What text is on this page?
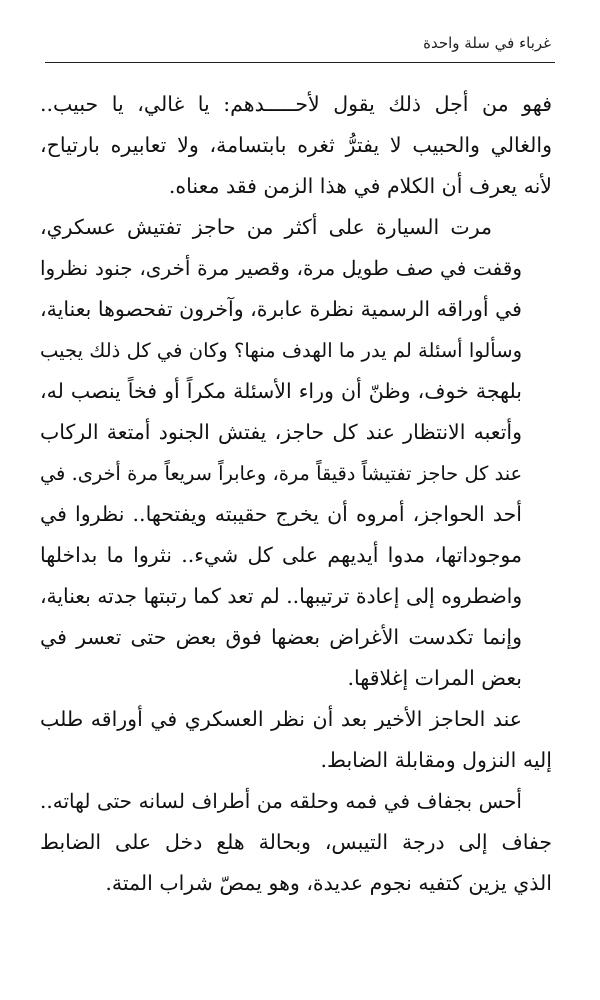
غرباء في سلة واحدة

فهو من أجل ذلك يقول لأحـــــدهم: يا غالي، يا حبيب..
والغالي والحبيب لا يفترُّ ثغره بابتسامة، ولا تعابيره بارتياح،
لأنه يعرف أن الكلام في هذا الزمن فقد معناه.

مرت السيارة على أكثر من حاجز تفتيش عسكري،
وقفت في صف طويل مرة، وقصير مرة أخرى، جنود نظروا
في أوراقه الرسمية نظرة عابرة، وآخرون تفحصوها بعناية،
وسألوا أسئلة لم يدر ما الهدف منها؟ وكان في كل ذلك يجيب
بلهجة خوف، وظنّ أن وراء الأسئلة مكراً أو فخاً ينصب له،
وأتعبه الانتظار عند كل حاجز، يفتش الجنود أمتعة الركاب
عند كل حاجز تفتيشاً دقيقاً مرة، وعابراً سريعاً مرة أخرى. في
أحد الحواجز، أمروه أن يخرج حقيبته ويفتحها.. نظروا في
موجوداتها، مدوا أيديهم على كل شيء.. نثروا ما بداخلها
واضطروه إلى إعادة ترتيبها.. لم تعد كما رتبتها جدته بعناية،
وإنما تكدست الأغراض بعضها فوق بعض حتى تعسر في
بعض المرات إغلاقها.

عند الحاجز الأخير بعد أن نظر العسكري في أوراقه طلب
إليه النزول ومقابلة الضابط.

أحس بجفاف في فمه وحلقه من أطراف لسانه حتى لهاته..
جفاف إلى درجة التيبس، وبحالة هلع دخل على الضابط
الذي يزين كتفيه نجوم عديدة، وهو يمصّ شراب المتة.
